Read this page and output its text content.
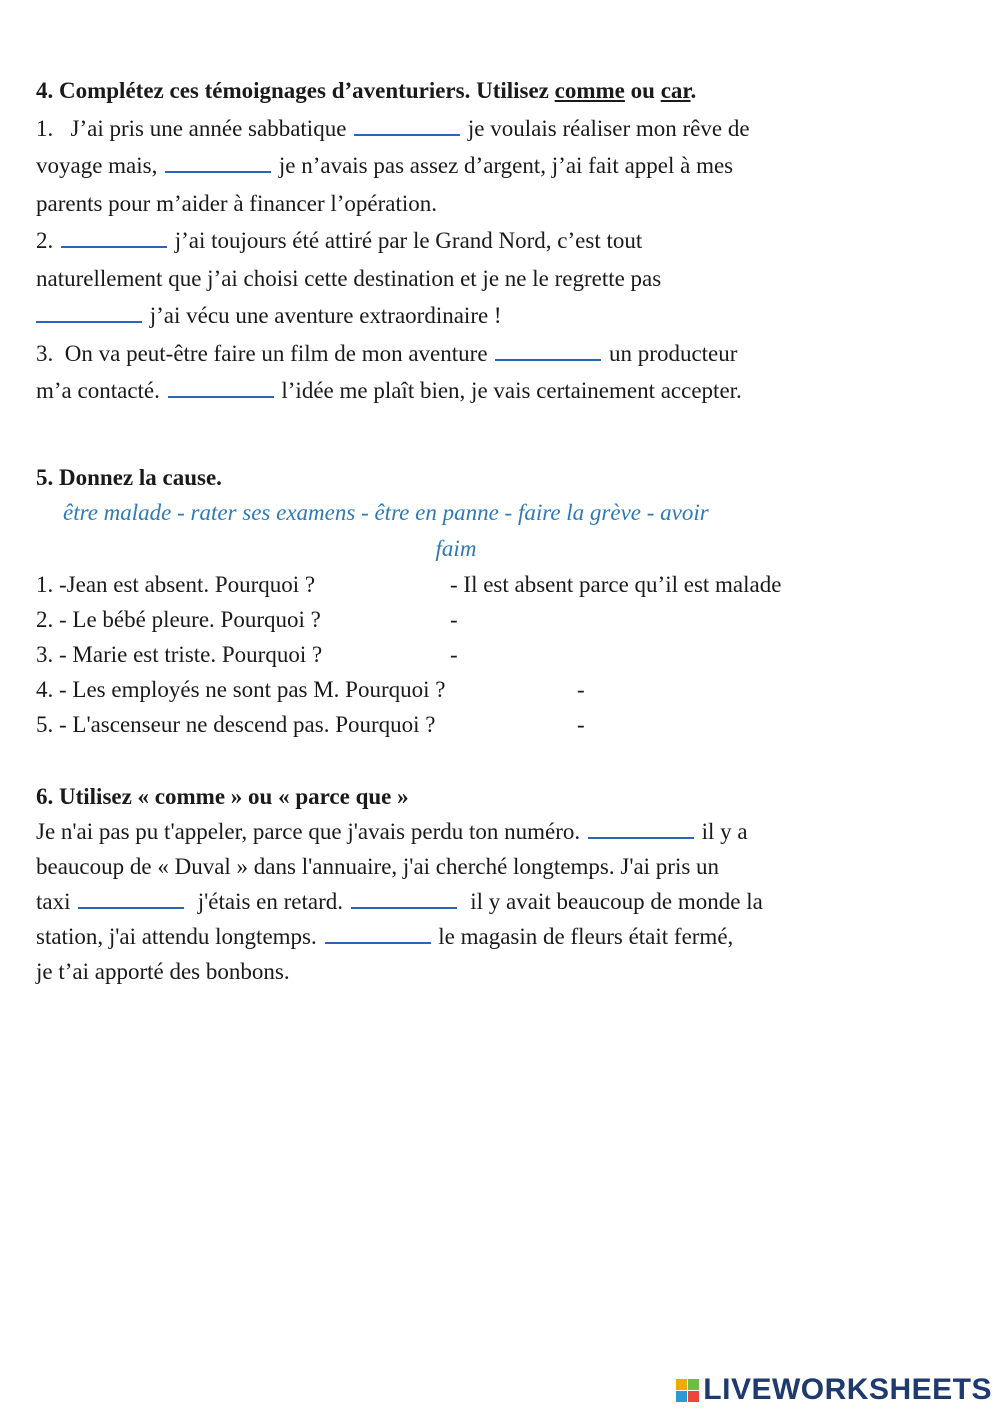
4. Complétez ces témoignages d’aventuriers. Utilisez comme ou car.
1.   J’ai pris une année sabbatique	je voulais réaliser mon rêve de
voyage mais,	je n’avais pas assez d’argent, j’ai fait appel à mes
parents pour m’aider à financer l’opération.
2.	j’ai toujours été attiré par le Grand Nord, c’est tout
naturellement que j’ai choisi cette destination et je ne le regrette pas
j’ai vécu une aventure extraordinaire !
3.  On va peut-être faire un film de mon aventure	un producteur
m’a contacté.	l’idée me plaît bien, je vais certainement accepter.
5. Donnez la cause.
être malade - rater ses examens - être en panne - faire la grève - avoir
faim
1. -Jean est absent. Pourquoi ?	- Il est absent parce qu’il est malade
2. - Le bébé pleure. Pourquoi ?	-
3. - Marie est triste. Pourquoi ?	-
4. - Les employés ne sont pas M. Pourquoi ?	-
5. - L'ascenseur ne descend pas. Pourquoi ?	-
6. Utilisez « comme » ou « parce que »
Je n'ai pas pu t'appeler, parce que j'avais perdu ton numéro.	il y a
beaucoup de « Duval » dans l'annuaire, j'ai cherché longtemps. J'ai pris un
taxi	j'étais en retard.	il y avait beaucoup de monde la
station, j'ai attendu longtemps.	le magasin de fleurs était fermé,
je t’ai apporté des bonbons.
LIVEWORKSHEETS
